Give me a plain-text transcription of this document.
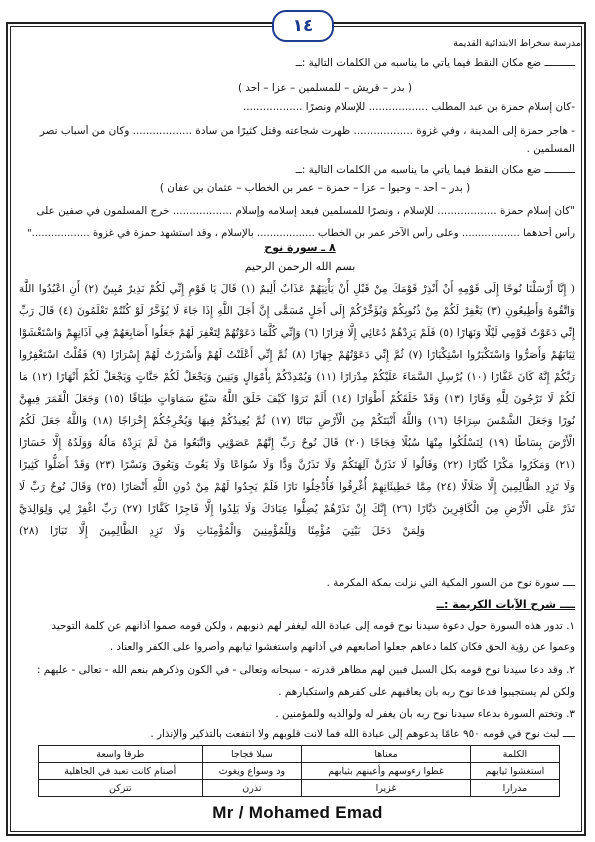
١٤
مدرسة سخراط الابتدائية القديمة
ــــــــــ ضع مكان النقط فيما يأتي ما يناسبه من الكلمات التالية :ــ
( بدر – قريش – للمسلمين – عزا – أحد )
-كان إسلام حمزة بن عبد المطلب .................. للإسلام ونصرًا ..................
- هاجر حمزة إلى المدينة ، وفي غزوة .................. ظهرت شجاعته وقتل كثيرًا من سادة .................. وكان من أسباب نصر
المسلمين .
ــــــــــ ضع مكان النقط فيما يأتي ما يناسبه من الكلمات التالية :ــ
( بدر – أحد – وحيوا – عزا – حمزة – عمر بن الخطاب – عثمان بن عفان )
"كان إسلام حمزة .................. للإسلام ، ونصرًا للمسلمين فبعد إسلامه وإسلام .................. خرج المسلمون في صفين على
رأس أحدهما .................. وعلى رأس الآخر عمر بن الخطاب .................. بالإسلام ، وقد استشهد حمزة في غزوة .................."
٨ ـ سورة نوح
بسم الله الرحمن الرحيم
( إِنَّا أَرْسَلْنَا نُوحًا إِلَى قَوْمِهِ أَنْ أَنْذِرْ قَوْمَكَ مِنْ قَبْلِ أَنْ يَأْتِيَهُمْ عَذَابٌ أَلِيمٌ (١) قَالَ يَا قَوْمِ إِنِّي لَكُمْ نَذِيرٌ مُبِينٌ (٢) أَنِ اعْبُدُوا اللَّهَ
وَاتَّقُوهُ وَأَطِيعُونِ (٣) يَغْفِرْ لَكُمْ مِنْ ذُنُوبِكُمْ وَيُؤَخِّرْكُمْ إِلَى أَجَلٍ مُسَمًّى إِنَّ أَجَلَ اللَّهِ إِذَا جَاءَ لَا يُؤَخَّرُ لَوْ كُنْتُمْ تَعْلَمُونَ (٤) قَالَ رَبِّ
إِنِّي دَعَوْتُ قَوْمِي لَيْلًا وَنَهَارًا (٥) فَلَمْ يَزِدْهُمْ دُعَائِي إِلَّا فِرَارًا (٦) وَإِنِّي كُلَّمَا دَعَوْتُهُمْ لِتَغْفِرَ لَهُمْ جَعَلُوا أَصَابِعَهُمْ فِي آذَانِهِمْ وَاسْتَغْشَوْا
ثِيَابَهُمْ وَأَصَرُّوا وَاسْتَكْبَرُوا اسْتِكْبَارًا (٧) ثُمَّ إِنِّي دَعَوْتُهُمْ جِهَارًا (٨) ثُمَّ إِنِّي أَعْلَنْتُ لَهُمْ وَأَسْرَرْتُ لَهُمْ إِسْرَارًا (٩) فَقُلْتُ اسْتَغْفِرُوا
رَبَّكُمْ إِنَّهُ كَانَ غَفَّارًا (١٠) يُرْسِلِ السَّمَاءَ عَلَيْكُمْ مِدْرَارًا (١١) وَيُمْدِدْكُمْ بِأَمْوَالٍ وَبَنِينَ وَيَجْعَلْ لَكُمْ جَنَّاتٍ وَيَجْعَلْ لَكُمْ أَنْهَارًا (١٢) مَا
لَكُمْ لَا تَرْجُونَ لِلَّهِ وَقَارًا (١٣) وَقَدْ خَلَقَكُمْ أَطْوَارًا (١٤) أَلَمْ تَرَوْا كَيْفَ خَلَقَ اللَّهُ سَبْعَ سَمَاوَاتٍ طِبَاقًا (١٥) وَجَعَلَ الْقَمَرَ فِيهِنَّ
نُورًا وَجَعَلَ الشَّمْسَ سِرَاجًا (١٦) وَاللَّهُ أَنْبَتَكُمْ مِنَ الْأَرْضِ نَبَاتًا (١٧) ثُمَّ يُعِيدُكُمْ فِيهَا وَيُخْرِجُكُمْ إِخْرَاجًا (١٨) وَاللَّهُ جَعَلَ لَكُمُ
الْأَرْضَ بِسَاطًا (١٩) لِتَسْلُكُوا مِنْهَا سُبُلًا فِجَاجًا (٢٠) قَالَ نُوحٌ رَبِّ إِنَّهُمْ عَصَوْنِي وَاتَّبَعُوا مَنْ لَمْ يَزِدْهُ مَالُهُ وَوَلَدُهُ إِلَّا خَسَارًا
(٢١) وَمَكَرُوا مَكْرًا كُبَّارًا (٢٢) وَقَالُوا لَا تَذَرُنَّ آلِهَتَكُمْ وَلَا تَذَرُنَّ وَدًّا وَلَا سُوَاعًا وَلَا يَغُوثَ وَيَعُوقَ وَنَسْرًا (٢٣) وَقَدْ أَضَلُّوا كَثِيرًا
وَلَا تَزِدِ الظَّالِمِينَ إِلَّا ضَلَالًا (٢٤) مِمَّا خَطِيئَاتِهِمْ أُغْرِقُوا فَأُدْخِلُوا نَارًا فَلَمْ يَجِدُوا لَهُمْ مِنْ دُونِ اللَّهِ أَنْصَارًا (٢٥) وَقَالَ نُوحٌ رَبِّ لَا
تَذَرْ عَلَى الْأَرْضِ مِنَ الْكَافِرِينَ دَيَّارًا (٢٦) إِنَّكَ إِنْ تَذَرْهُمْ يُضِلُّوا عِبَادَكَ وَلَا يَلِدُوا إِلَّا فَاجِرًا كَفَّارًا (٢٧) رَبِّ اغْفِرْ لِي وَلِوَالِدَيَّ
وَلِمَنْ دَخَلَ بَيْتِيَ مُؤْمِنًا وَلِلْمُؤْمِنِينَ وَالْمُؤْمِنَاتِ وَلَا تَزِدِ الظَّالِمِينَ إِلَّا تَبَارًا (٢٨)
ــــ سورة نوح من السور المكية التي نزلت بمكة المكرمة .
ــــ شرح الآيات الكريمة :ــ
١. تدور هذه السورة حول دعوة سيدنا نوح قومه إلى عبادة الله ليغفر لهم ذنوبهم ، ولكن قومه صموا آذانهم عن كلمة التوحيد
وعموا عن رؤية الحق فكان كلما دعاهم جعلوا أصابعهم في آذانهم واستغشوا ثيابهم وأصروا على الكفر والعناد .
٢. وقد دعا سيدنا نوح قومه بكل السبل فبين لهم مظاهر قدرته - سبحانه وتعالى - في الكون وذكرهم بنعم الله - تعالى - عليهم :
ولكن لم يستجيبوا فدعا نوح ربه بأن يعاقبهم على كفرهم واستكبارهم .
٣. وتختم السورة بدعاء سيدنا نوح ربه بأن يغفر له ولوالديه وللمؤمنين .
ــــ لبث نوح في قومه ٩٥٠ عامًا يدعوهم إلى عبادة الله فما لانت قلوبهم ولا انتفعت بالتذكير والإنذار .
الكلمة	معناها	سبلا فجاجا	طرقا واسعة
استغشوا ثيابهم	غطوا رءوسهم وأعينهم بثيابهم	ود وسواع ويغوث	أصنام كانت تعبد في الجاهلية
مدرارا	غزيرا	تذرن	تتركن
Mr / Mohamed Emad
